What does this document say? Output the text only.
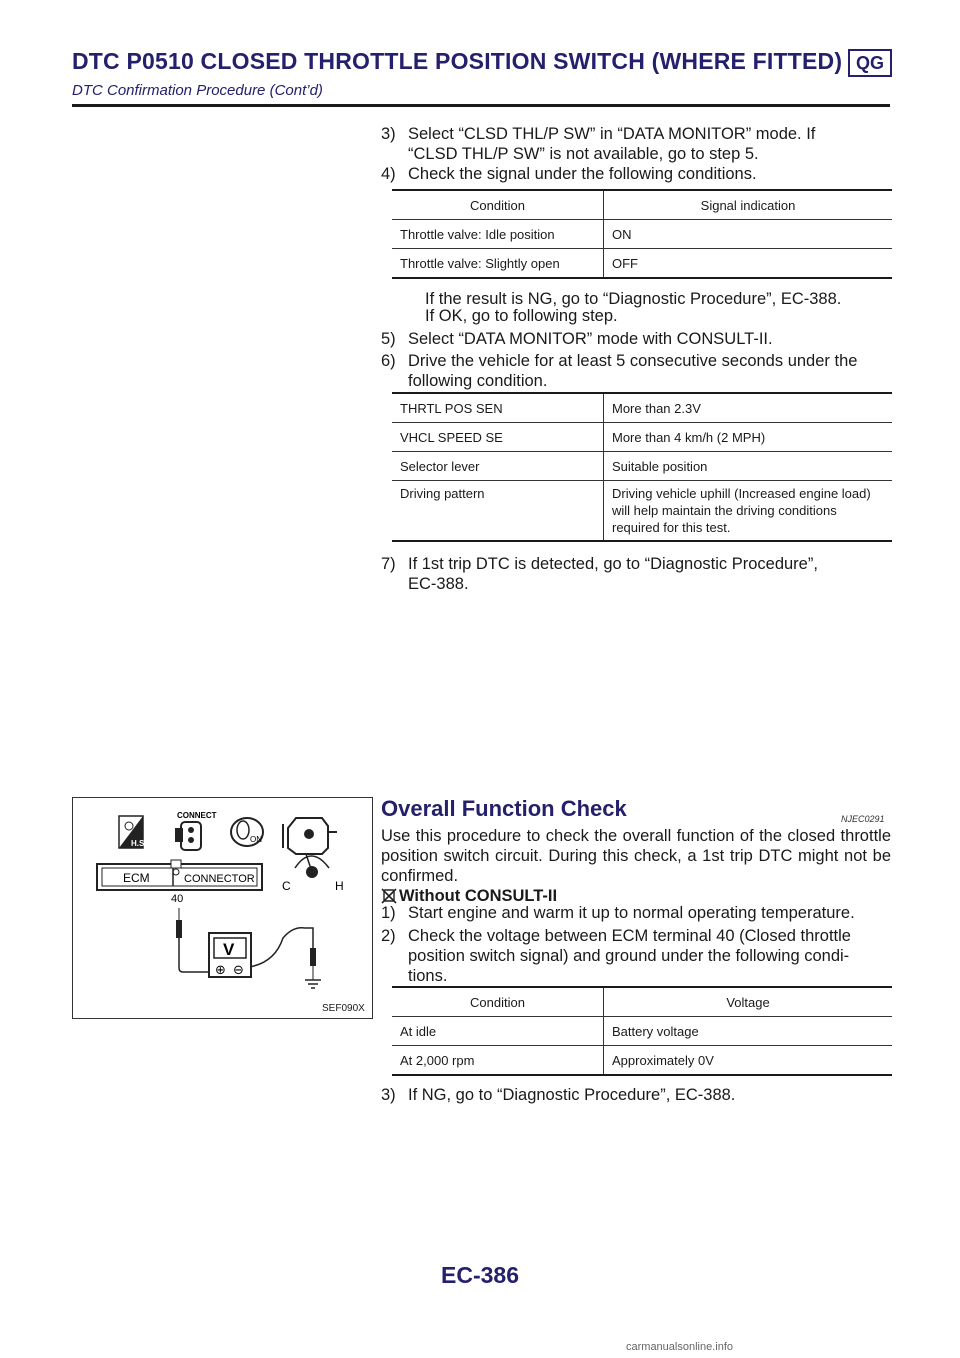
DTC P0510 CLOSED THROTTLE POSITION SWITCH (WHERE FITTED) QG
DTC Confirmation Procedure (Cont’d)
3) Select “CLSD THL/P SW” in “DATA MONITOR” mode. If
“CLSD THL/P SW” is not available, go to step 5.
4) Check the signal under the following conditions.
Condition	Signal indication
Throttle valve: Idle position	ON
Throttle valve: Slightly open	OFF
If the result is NG, go to “Diagnostic Procedure”, EC-388.
If OK, go to following step.
5) Select “DATA MONITOR” mode with CONSULT-II.
6) Drive the vehicle for at least 5 consecutive seconds under the
following condition.
THRTL POS SEN	More than 2.3V
VHCL SPEED SE	More than 4 km/h (2 MPH)
Selector lever	Suitable position
Driving pattern	Driving vehicle uphill (Increased engine load)
will help maintain the driving conditions
required for this test.
7) If 1st trip DTC is detected, go to “Diagnostic Procedure”,
EC-388.
H.S.
CONNECT
ON
ECM	CONNECTOR C	H
40
V
⊕ ⊖
SEF090X
Overall Function Check	NJEC0291
Use this procedure to check the overall function of the closed throttle position switch circuit. During this check, a 1st trip DTC might not be confirmed.
Without CONSULT-II
1) Start engine and warm it up to normal operating temperature.
2) Check the voltage between ECM terminal 40 (Closed throttle
position switch signal) and ground under the following condi-
tions.
Condition	Voltage
At idle	Battery voltage
At 2,000 rpm	Approximately 0V
3) If NG, go to “Diagnostic Procedure”, EC-388.
EC-386
carmanualsonline.info
